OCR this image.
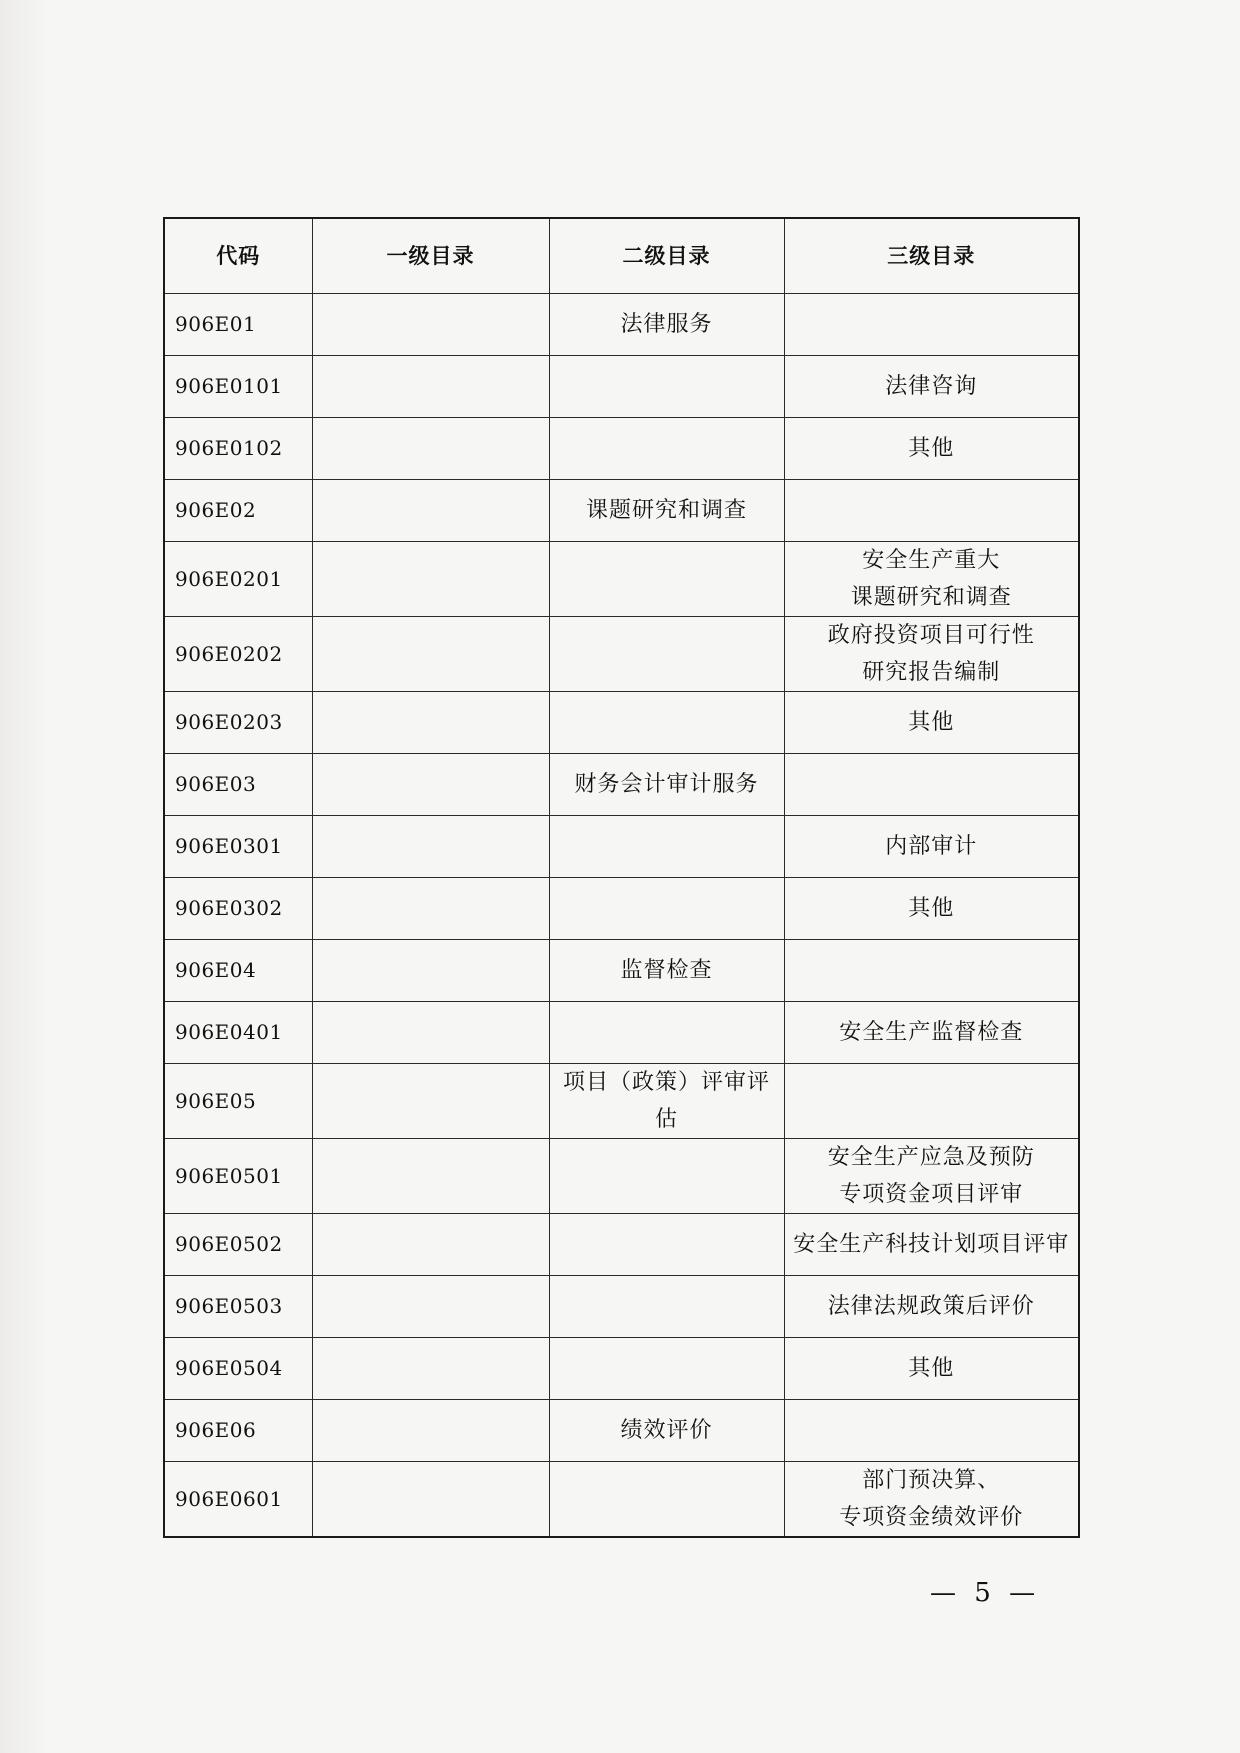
代码	一级目录	二级目录	三级目录
906E01		法律服务	
906E0101			法律咨询
906E0102			其他
906E02		课题研究和调查	
906E0201			安全生产重大
课题研究和调查
906E0202			政府投资项目可行性
研究报告编制
906E0203			其他
906E03		财务会计审计服务	
906E0301			内部审计
906E0302			其他
906E04		监督检查	
906E0401			安全生产监督检查
906E05		项目（政策）评审评估	
906E0501			安全生产应急及预防
专项资金项目评审
906E0502			安全生产科技计划项目评审
906E0503			法律法规政策后评价
906E0504			其他
906E06		绩效评价	
906E0601			部门预决算、
专项资金绩效评价
— 5 —
